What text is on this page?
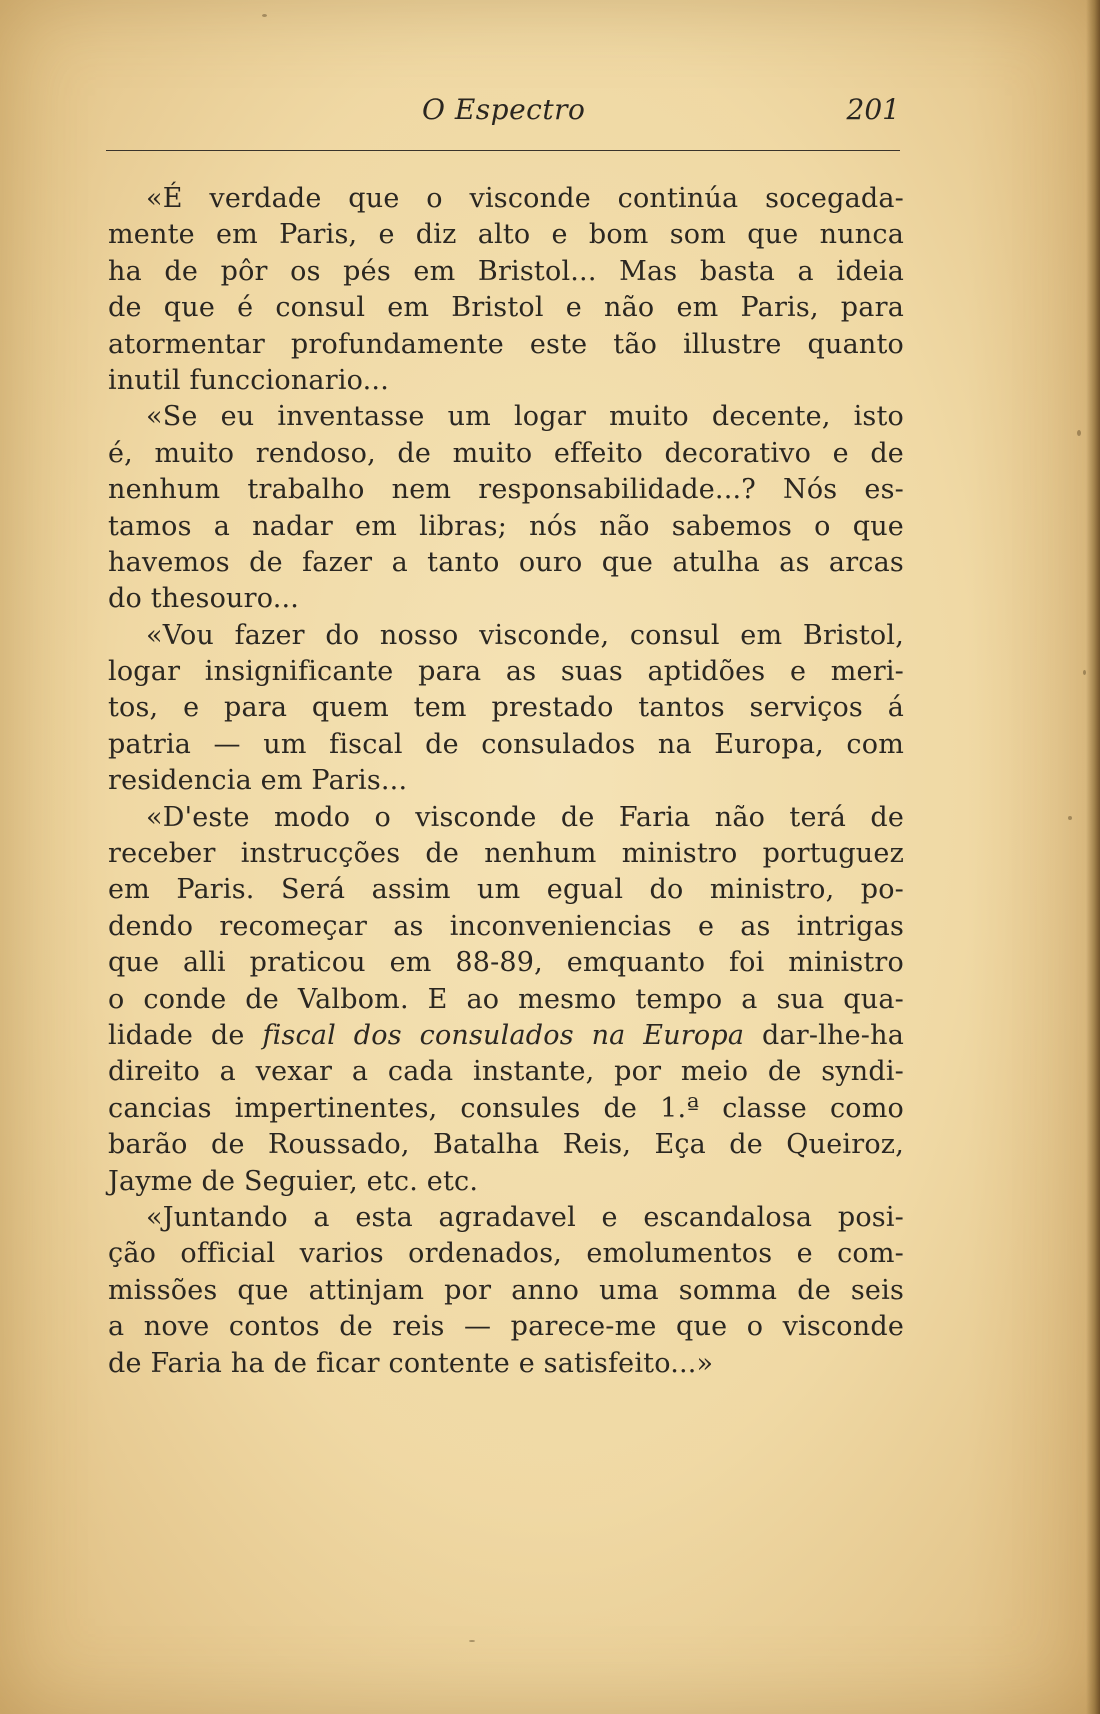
O Espectro	201
«É verdade que o visconde continúa socegada-
mente em Paris, e diz alto e bom som que nunca
ha de pôr os pés em Bristol... Mas basta a ideia
de que é consul em Bristol e não em Paris, para
atormentar profundamente este tão illustre quanto
inutil funccionario...
«Se eu inventasse um logar muito decente, isto
é, muito rendoso, de muito effeito decorativo e de
nenhum trabalho nem responsabilidade...? Nós es-
tamos a nadar em libras; nós não sabemos o que
havemos de fazer a tanto ouro que atulha as arcas
do thesouro...
«Vou fazer do nosso visconde, consul em Bristol,
logar insignificante para as suas aptidões e meri-
tos, e para quem tem prestado tantos serviços á
patria — um fiscal de consulados na Europa, com
residencia em Paris...
«D'este modo o visconde de Faria não terá de
receber instrucções de nenhum ministro portuguez
em Paris. Será assim um egual do ministro, po-
dendo recomeçar as inconveniencias e as intrigas
que alli praticou em 88-89, emquanto foi ministro
o conde de Valbom. E ao mesmo tempo a sua qua-
lidade de fiscal dos consulados na Europa dar-lhe-ha
direito a vexar a cada instante, por meio de syndi-
cancias impertinentes, consules de 1.ª classe como
barão de Roussado, Batalha Reis, Eça de Queiroz,
Jayme de Seguier, etc. etc.
«Juntando a esta agradavel e escandalosa posi-
ção official varios ordenados, emolumentos e com-
missões que attinjam por anno uma somma de seis
a nove contos de reis — parece-me que o visconde
de Faria ha de ficar contente e satisfeito...»
